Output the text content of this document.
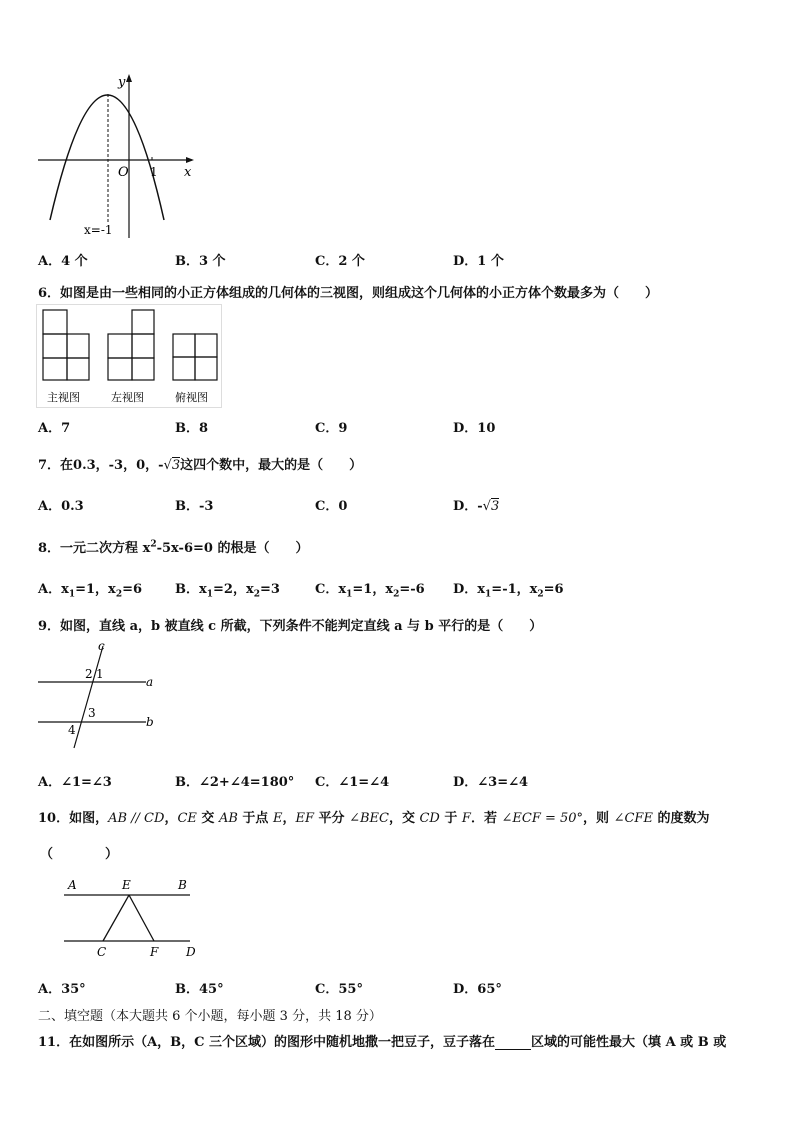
y
x
O 1
x=-1
A．4 个	B．3 个	C．2 个	D．1 个
6．如图是由一些相同的小正方体组成的几何体的三视图，则组成这个几何体的小正方体个数最多为（　　）
主视图	左视图	俯视图
A．7	B．8	C．9	D．10
7．在0.3，-3，0，-√3这四个数中，最大的是（　　）
A．0.3	B．-3	C．0	D．-√3
8．一元二次方程 $x^2-5x-6=0$ 的根是（　　）
A．$x_1=1$，$x_2=6$	B．$x_1=2$，$x_2=3$	C．$x_1=1$，$x_2=-6$ D．$x_1=-1$，$x_2=6$
9．如图，直线 a，b 被直线 c 所截，下列条件不能判定直线 a 与 b 平行的是（　　）
c
a
b
2 1
3
4
A．∠1=∠3	B．∠2+∠4=180° C．∠1=∠4	D．∠3=∠4
10．如图，AB // CD，CE 交 AB 于点 E，EF 平分 ∠BEC，交 CD 于 F．若 ∠ECF = 50°，则 ∠CFE 的度数为
（　　　　）
A	E	B
C	F D
A．35°	B．45°	C．55°	D．65°
二、填空题（本大题共 6 个小题，每小题 3 分，共 18 分）
11．在如图所示（A，B，C 三个区域）的图形中随机地撒一把豆子，豆子落在	区域的可能性最大（填 A 或 B 或
